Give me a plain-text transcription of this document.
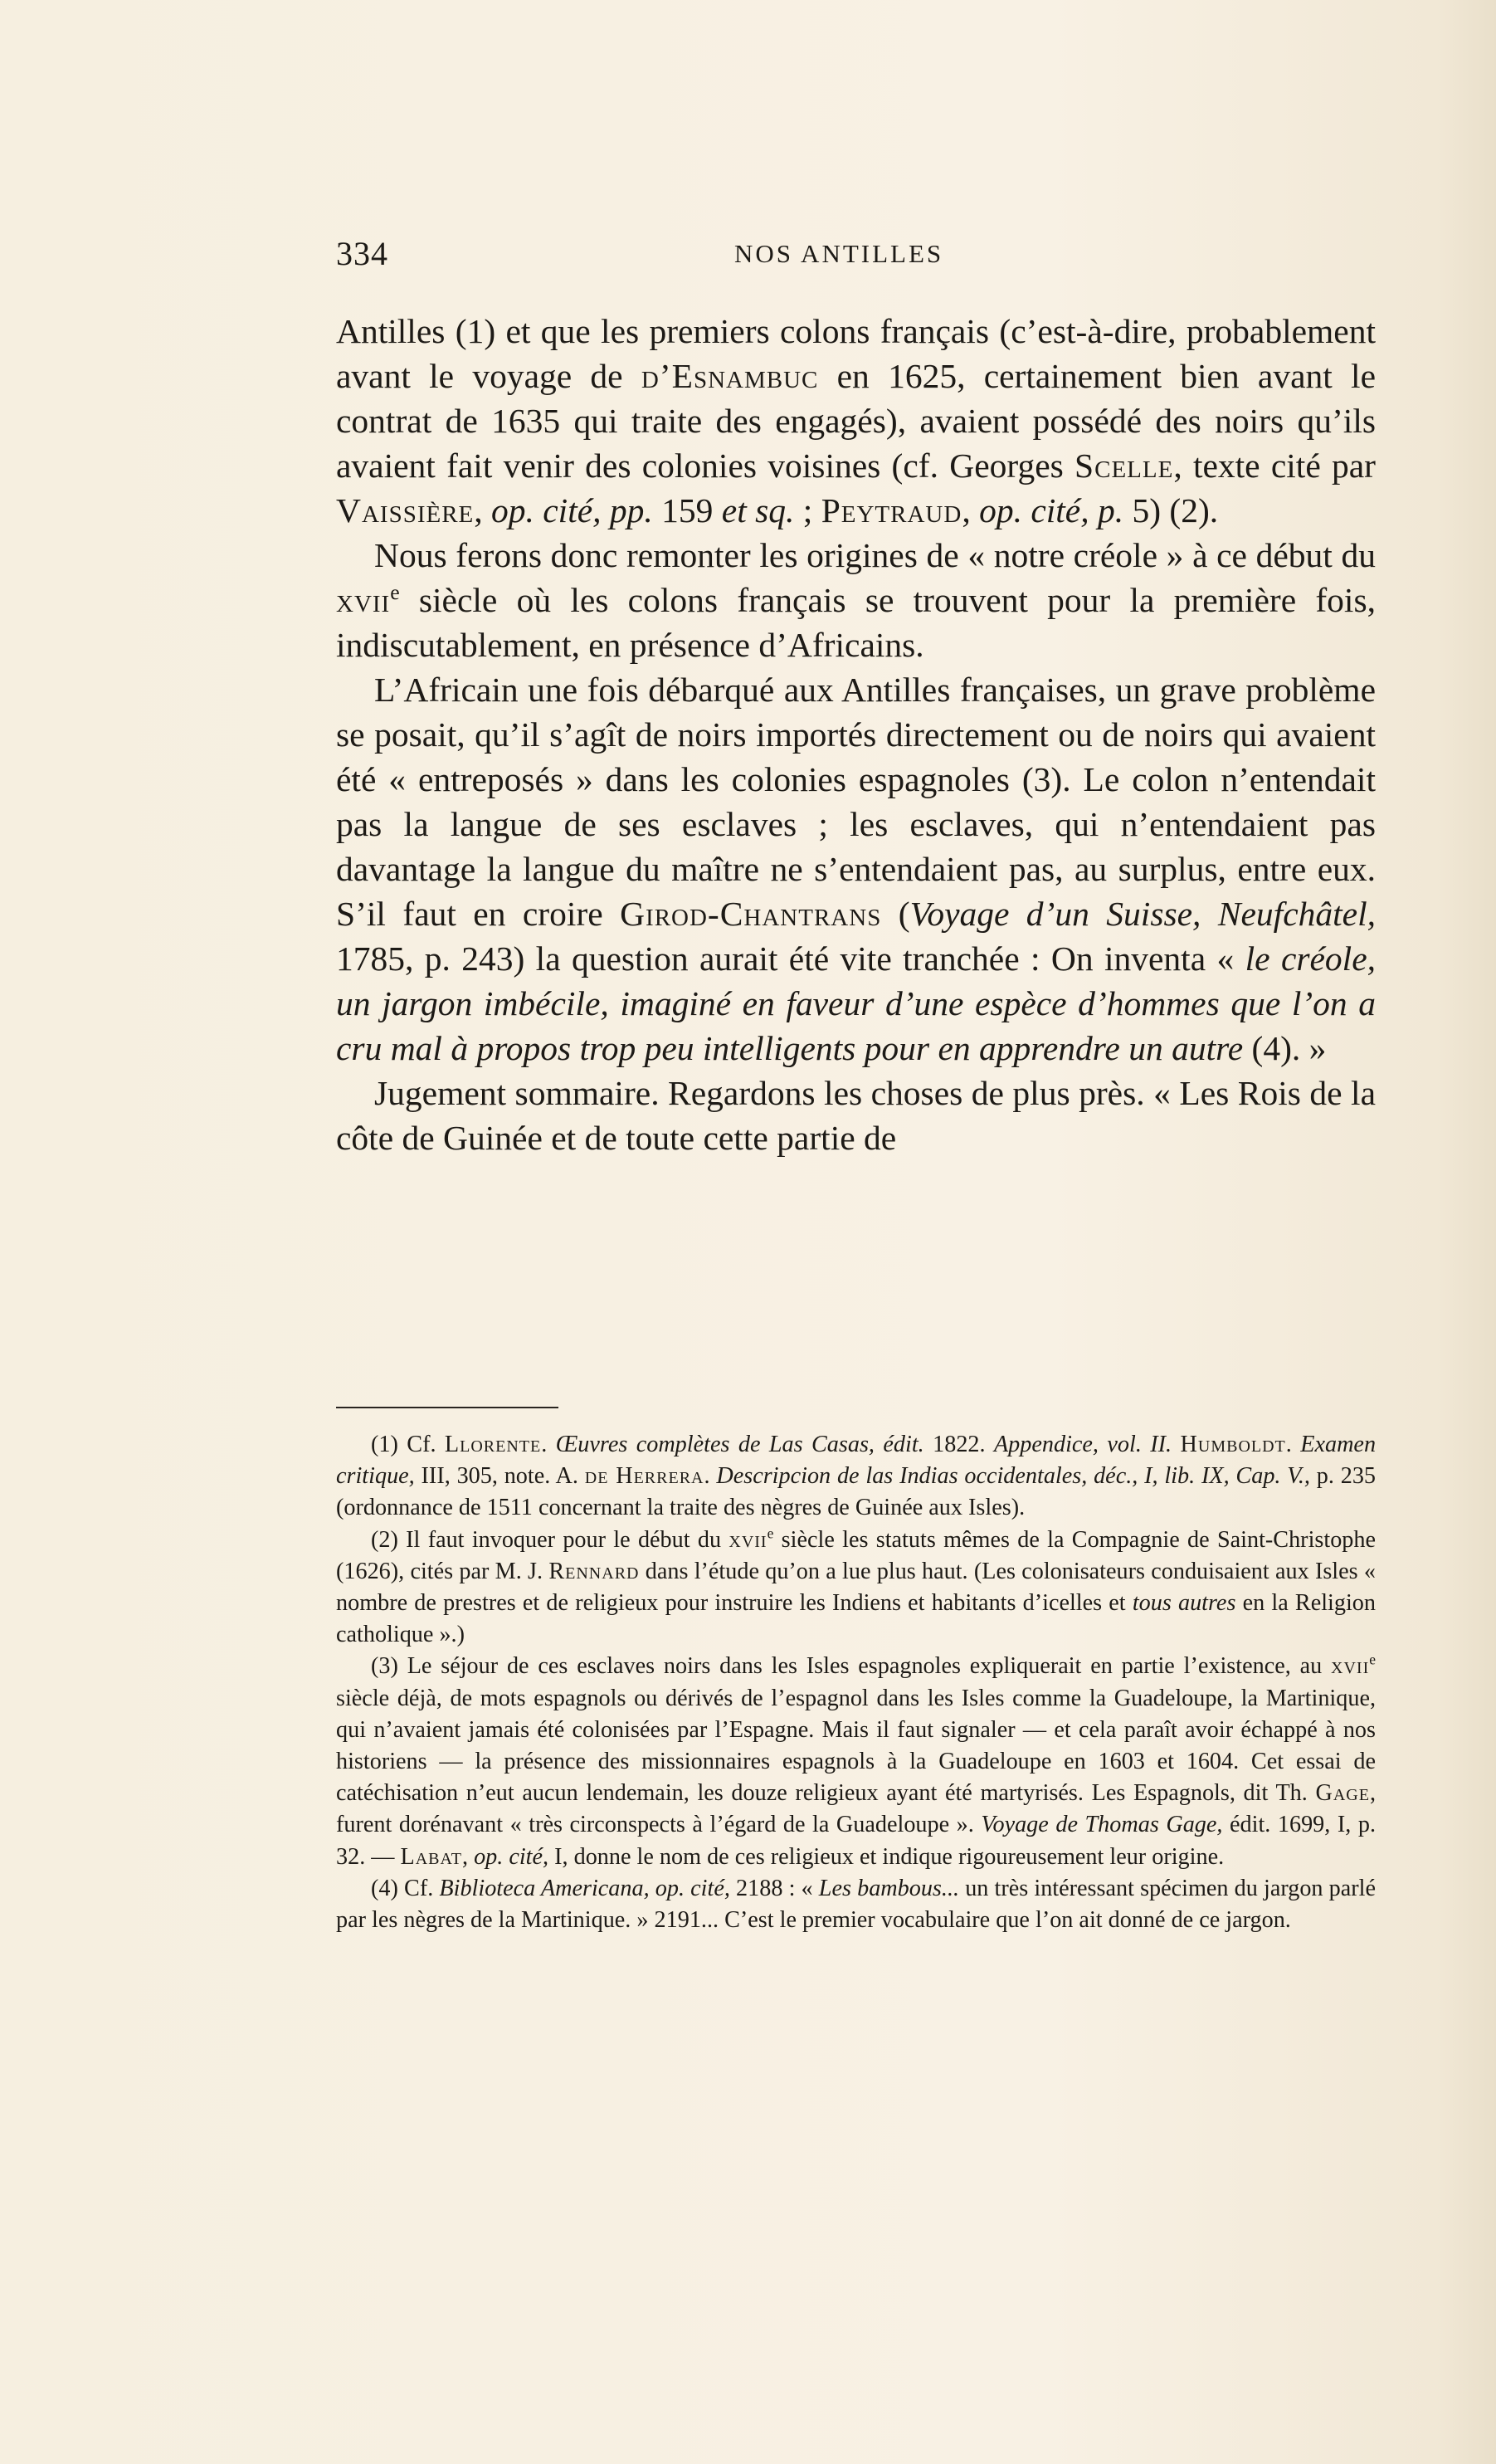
334	NOS ANTILLES

Antilles (1) et que les premiers colons français (c’est-à-dire, probablement avant le voyage de d’Esnambuc en 1625, certainement bien avant le contrat de 1635 qui traite des engagés), avaient possédé des noirs qu’ils avaient fait venir des colonies voisines (cf. Georges Scelle, texte cité par Vaissière, op. cité, pp. 159 et sq. ; Peytraud, op. cité, p. 5) (2).

Nous ferons donc remonter les origines de « notre créole » à ce début du xvii$^e$ siècle où les colons français se trouvent pour la première fois, indiscutablement, en présence d’Africains.

L’Africain une fois débarqué aux Antilles françaises, un grave problème se posait, qu’il s’agît de noirs importés directement ou de noirs qui avaient été « entreposés » dans les colonies espagnoles (3). Le colon n’entendait pas la langue de ses esclaves ; les esclaves, qui n’entendaient pas davantage la langue du maître ne s’entendaient pas, au surplus, entre eux. S’il faut en croire Girod-Chantrans (Voyage d’un Suisse, Neufchâtel, 1785, p. 243) la question aurait été vite tranchée : On inventa « le créole, un jargon imbécile, imaginé en faveur d’une espèce d’hommes que l’on a cru mal à propos trop peu intelligents pour en apprendre un autre (4). »

Jugement sommaire. Regardons les choses de plus près. « Les Rois de la côte de Guinée et de toute cette partie de

(1) Cf. Llorente. Œuvres complètes de Las Casas, édit. 1822. Appendice, vol. II. Humboldt. Examen critique, III, 305, note. A. de Herrera. Descripcion de las Indias occidentales, déc., I, lib. IX, Cap. V., p. 235 (ordonnance de 1511 concernant la traite des nègres de Guinée aux Isles).

(2) Il faut invoquer pour le début du xvii$^e$ siècle les statuts mêmes de la Compagnie de Saint-Christophe (1626), cités par M. J. Rennard dans l’étude qu’on a lue plus haut. (Les colonisateurs conduisaient aux Isles « nombre de prestres et de religieux pour instruire les Indiens et habitants d’icelles et tous autres en la Religion catholique ».)

(3) Le séjour de ces esclaves noirs dans les Isles espagnoles expliquerait en partie l’existence, au xvii$^e$ siècle déjà, de mots espagnols ou dérivés de l’espagnol dans les Isles comme la Guadeloupe, la Martinique, qui n’avaient jamais été colonisées par l’Espagne. Mais il faut signaler — et cela paraît avoir échappé à nos historiens — la présence des missionnaires espagnols à la Guadeloupe en 1603 et 1604. Cet essai de catéchisation n’eut aucun lendemain, les douze religieux ayant été martyrisés. Les Espagnols, dit Th. Gage, furent dorénavant « très circonspects à l’égard de la Guadeloupe ». Voyage de Thomas Gage, édit. 1699, I, p. 32. — Labat, op. cité, I, donne le nom de ces religieux et indique rigoureusement leur origine.

(4) Cf. Biblioteca Americana, op. cité, 2188 : « Les bambous... un très intéressant spécimen du jargon parlé par les nègres de la Martinique. » 2191... C’est le premier vocabulaire que l’on ait donné de ce jargon.
